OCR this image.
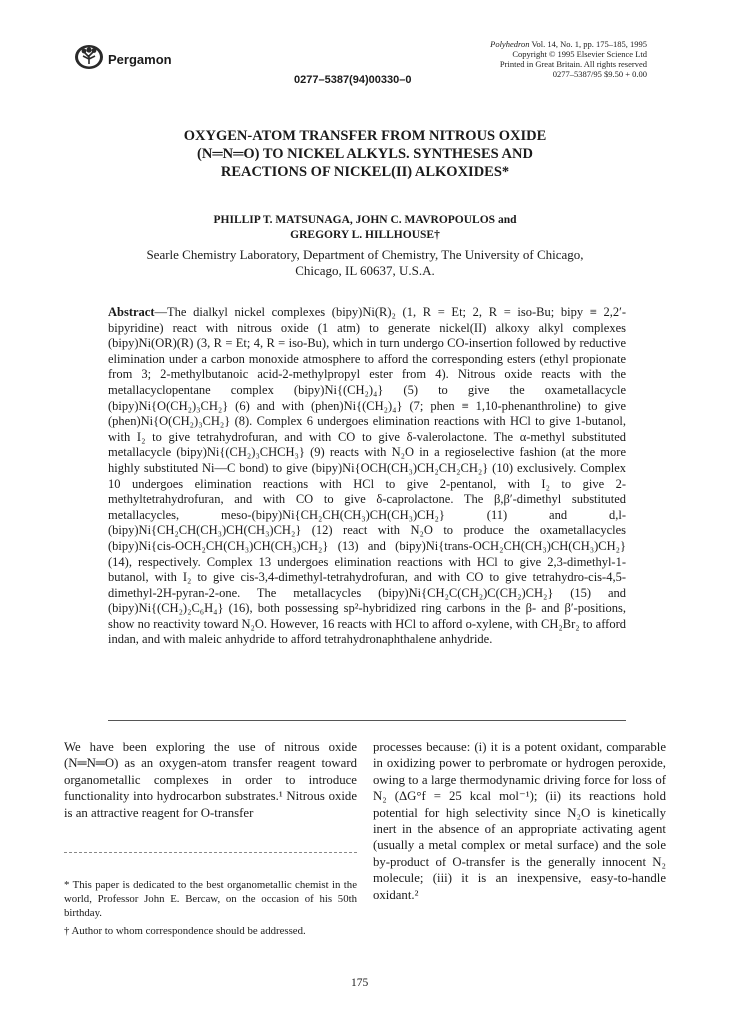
Pergamon
Polyhedron Vol. 14, No. 1, pp. 175–185, 1995
Copyright © 1995 Elsevier Science Ltd
Printed in Great Britain. All rights reserved
0277–5387/95 $9.50 + 0.00
0277–5387(94)00330–0
OXYGEN-ATOM TRANSFER FROM NITROUS OXIDE
(N═N═O) TO NICKEL ALKYLS. SYNTHESES AND
REACTIONS OF NICKEL(II) ALKOXIDES*
PHILLIP T. MATSUNAGA, JOHN C. MAVROPOULOS and
GREGORY L. HILLHOUSE†
Searle Chemistry Laboratory, Department of Chemistry, The University of Chicago,
Chicago, IL 60637, U.S.A.
Abstract—The dialkyl nickel complexes (bipy)Ni(R)₂ (1, R = Et; 2, R = iso-Bu; bipy ≡ 2,2′-bipyridine) react with nitrous oxide (1 atm) to generate nickel(II) alkoxy alkyl complexes (bipy)Ni(OR)(R) (3, R = Et; 4, R = iso-Bu), which in turn undergo CO-insertion followed by reductive elimination under a carbon monoxide atmosphere to afford the corresponding esters (ethyl propionate from 3; 2-methylbutanoic acid-2-methylpropyl ester from 4). Nitrous oxide reacts with the metallacyclopentane complex (bipy)Ni{(CH₂)₄} (5) to give the oxametallacycle (bipy)Ni{O(CH₂)₃CH₂} (6) and with (phen)Ni{(CH₂)₄} (7; phen ≡ 1,10-phenanthroline) to give (phen)Ni{O(CH₂)₃CH₂} (8). Complex 6 undergoes elimination reactions with HCl to give 1-butanol, with I₂ to give tetrahydrofuran, and with CO to give δ-valerolactone. The α-methyl substituted metallacycle (bipy)Ni{(CH₂)₃CHCH₃} (9) reacts with N₂O in a regioselective fashion (at the more highly substituted Ni—C bond) to give (bipy)Ni{OCH(CH₃)CH₂CH₂CH₂} (10) exclusively. Complex 10 undergoes elimination reactions with HCl to give 2-pentanol, with I₂ to give 2-methyltetrahydrofuran, and with CO to give δ-caprolactone. The β,β′-dimethyl substituted metallacycles, meso-(bipy)Ni{CH₂CH(CH₃)CH(CH₃)CH₂} (11) and d,l-(bipy)Ni{CH₂CH(CH₃)CH(CH₃)CH₂} (12) react with N₂O to produce the oxametallacycles (bipy)Ni{cis-OCH₂CH(CH₃)CH(CH₃)CH₂} (13) and (bipy)Ni{trans-OCH₂CH(CH₃)CH(CH₃)CH₂} (14), respectively. Complex 13 undergoes elimination reactions with HCl to give 2,3-dimethyl-1-butanol, with I₂ to give cis-3,4-dimethyl-tetrahydrofuran, and with CO to give tetrahydro-cis-4,5-dimethyl-2H-pyran-2-one. The metallacycles (bipy)Ni{CH₂C(CH₂)C(CH₂)CH₂} (15) and (bipy)Ni{(CH₂)₂C₆H₄} (16), both possessing sp²-hybridized ring carbons in the β- and β′-positions, show no reactivity toward N₂O. However, 16 reacts with HCl to afford o-xylene, with CH₂Br₂ to afford indan, and with maleic anhydride to afford tetrahydronaphthalene anhydride.
We have been exploring the use of nitrous oxide (N═N═O) as an oxygen-atom transfer reagent toward organometallic complexes in order to introduce functionality into hydrocarbon substrates.¹ Nitrous oxide is an attractive reagent for O-transfer
processes because: (i) it is a potent oxidant, comparable in oxidizing power to perbromate or hydrogen peroxide, owing to a large thermodynamic driving force for loss of N₂ (ΔG°f = 25 kcal mol⁻¹); (ii) its reactions hold potential for high selectivity since N₂O is kinetically inert in the absence of an appropriate activating agent (usually a metal complex or metal surface) and the sole by-product of O-transfer is the generally innocent N₂ molecule; (iii) it is an inexpensive, easy-to-handle oxidant.²

* This paper is dedicated to the best organometallic chemist in the world, Professor John E. Bercaw, on the occasion of his 50th birthday.

† Author to whom correspondence should be addressed.

175
